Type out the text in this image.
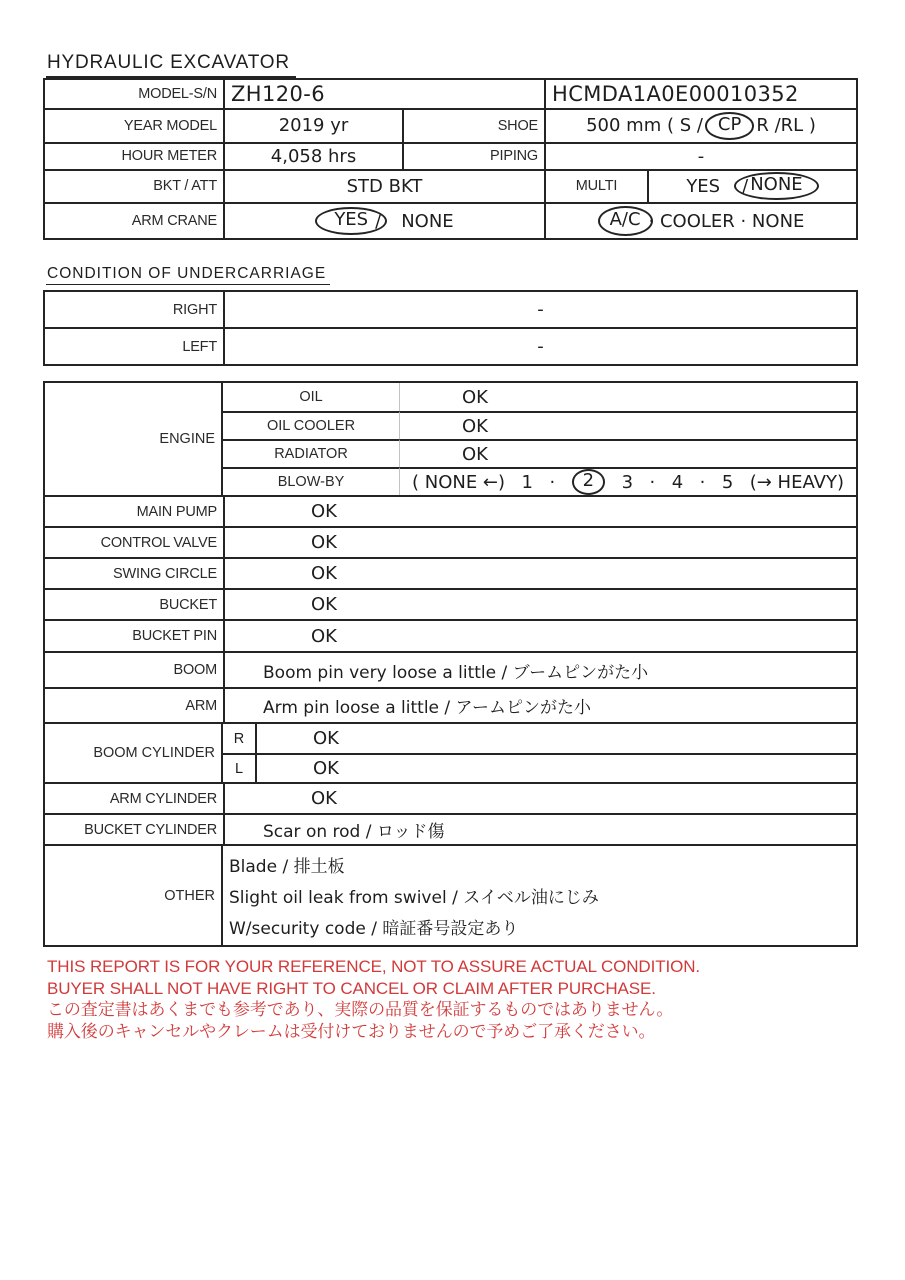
HYDRAULIC EXCAVATOR
MODEL-S/N ZH120-6	HCMDA1A0E00010352
YEAR MODEL	2019 yr	SHOE	500 mm ( S / CP R /RL )
HOUR METER	4,058 hrs	PIPING	-
BKT / ATT	STD BKT	MULTI	YES / NONE
ARM CRANE	YES / NONE	A/C · COOLER · NONE
CONDITION OF UNDERCARRIAGE
RIGHT	-
LEFT	-
ENGINE
OIL	OK
OIL COOLER	OK
RADIATOR	OK
BLOW-BY	( NONE ←) 1 ·	2	3 · 4 · 5 (→ HEAVY)
MAIN PUMP	OK
CONTROL VALVE	OK
SWING CIRCLE	OK
BUCKET	OK
BUCKET PIN	OK
BOOM	Boom pin very loose a little / ブームピンがた小
ARM	Arm pin loose a little / アームピンがた小
BOOM CYLINDER
R	OK
L	OK
ARM CYLINDER	OK
BUCKET CYLINDER	Scar on rod / ロッド傷
OTHER
Blade / 排土板
Slight oil leak from swivel / スイベル油にじみ
W/security code / 暗証番号設定あり
THIS REPORT IS FOR YOUR REFERENCE, NOT TO ASSURE ACTUAL CONDITION.
BUYER SHALL NOT HAVE RIGHT TO CANCEL OR CLAIM AFTER PURCHASE.
この査定書はあくまでも参考であり、実際の品質を保証するものではありません。
購入後のキャンセルやクレームは受付けておりませんので予めご了承ください。
